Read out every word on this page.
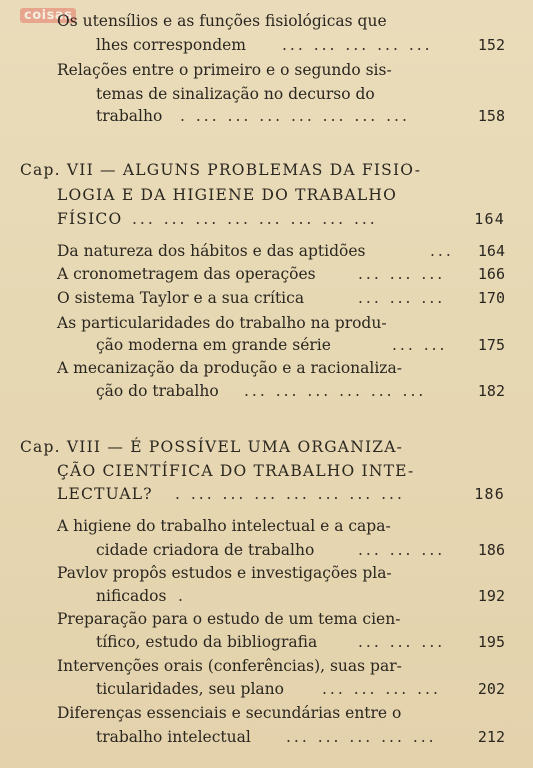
coisas
Os utensílios e as funções fisiológicas que
lhes correspondem ... ... ... ... ...	152
Relações entre o primeiro e o segundo sis-
temas de sinalização no decurso do
trabalho . ... ... ... ... ... ... ...	158
Cap. VII — ALGUNS PROBLEMAS DA FISIO-
LOGIA E DA HIGIENE DO TRABALHO
FÍSICO ... ... ... ... ... ... ... ...	164
Da natureza dos hábitos e das aptidões	... 164
A cronometragem das operações	... ... ... 166
O sistema Taylor e a sua crítica	... ... ... 170
As particularidades do trabalho na produ-
ção moderna em grande série	... ... 175
A mecanização da produção e a racionaliza-
ção do trabalho ... ... ... ... ... ...	182
Cap. VIII — É POSSÍVEL UMA ORGANIZA-
ÇÃO CIENTÍFICA DO TRABALHO INTE-
LECTUAL? . ... ... ... ... ... ... ...	186
A higiene do trabalho intelectual e a capa-
cidade criadora de trabalho	... ... ... 186
Pavlov propôs estudos e investigações pla-
nificados .	192
Preparação para o estudo de um tema cien-
tífico, estudo da bibliografia	... ... ... 195
Intervenções orais (conferências), suas par-
ticularidades, seu plano ... ... ... ... 202
Diferenças essenciais e secundárias entre o
trabalho intelectual ... ... ... ... ...	212
